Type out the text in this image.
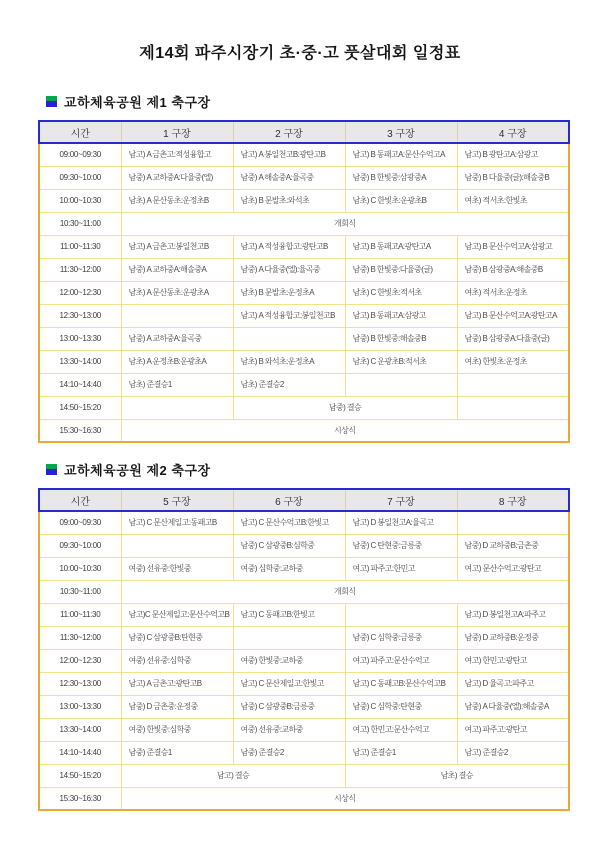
제14회 파주시장기 초·중·고 풋살대회 일정표
교하체육공원 제1 축구장
시간	1 구장	2 구장	3 구장	4 구장
09:00~09:30	남고) A 금촌고:적성융합고	남고) A 봉일천고B:광탄고B	남고) B 동패고A:문산수억고A	남고) B 광탄고A:삼광고
09:30~10:00	남중) A 교하중A:다율중(엘)	남중) A 해솔중A:율곡중	남중) B 한빛중:삼광중A	남중) B 다율중(글):해솔중B
10:00~10:30	남초) A 문산동초:운정초B	남초) B 문발초:와석초	남초) C 한빛초:운광초B	여초) 적서초:한빛초
10:30~11:00	개회식			
11:00~11:30	남고) A 금촌고:봉일천고B	남고) A 적성융합고:광탄고B	남고) B 동패고A:광탄고A	남고) B 문산수억고A:삼광고
11:30~12:00	남중) A 교하중A:해솔중A	남중) A 다율중(엘):율곡중	남중) B 한빛중:다율중(글)	남중) B 삼광중A:해솔중B
12:00~12:30	남초) A 문산동초:운광초A	남초) B 문발초:운정초A	남초) C 한빛초:적서초	여초) 적서초:운정초
12:30~13:00		남고) A 적성융합고:봉일천고B	남고) B 동패고A:삼광고	남고) B 문산수억고A:광탄고A
13:00~13:30	남중) A 교하중A:율곡중		남중) B 한빛중:해솔중B	남중) B 삼광중A:다율중(글)
13:30~14:00	남초) A 운정초B:운광초A	남초) B 와석초:운정초A	남초) C 운광초B:적서초	여초) 한빛초:운정초
14:10~14:40	남초) 준결승1	남초) 준결승2		
14:50~15:20		남중) 결승		
15:30~16:30	시상식			
교하체육공원 제2 축구장
시간	5 구장	6 구장	7 구장	8 구장
09:00~09:30	남고) C 문산제일고:동패고B	남고) C 문산수억고B:한빛고	남고) D 봉일천고A:율곡고	
09:30~10:00		남중) C 삼광중B:심학중	남중) C 탄현중:금릉중	남중) D 교하중B:금촌중
10:00~10:30	여중) 선유중:한빛중	여중) 심학중:교하중	여고) 파주고:한민고	여고) 문산수억고:광탄고
10:30~11:00	개회식			
11:00~11:30	남고)C 문산제일고:문산수억고B	남고) C 동패고B:한빛고		남고) D 봉일천고A:파주고
11:30~12:00	남중) C 삼광중B:탄현중		남중) C 심학중:금릉중	남중) D 교하중B:운정중
12:00~12:30	여중) 선유중:심학중	여중) 한빛중:교하중	여고) 파주고:문산수억고	여고) 한민고:광탄고
12:30~13:00	남고) A 금촌고:광탄고B	남고) C 문산제일고:한빛고	남고) C 동패고B:문산수억고B	남고) D 율곡고:파주고
13:00~13:30	남중) D 금촌중:운정중	남중) C 삼광중B:금릉중	남중) C 심학중:탄현중	남중) A 다율중(엘):해솔중A
13:30~14:00	여중) 한빛중:심학중	여중) 선유중:교하중	여고) 한민고:문산수억고	여고) 파주고:광탄고
14:10~14:40	남중) 준결승1	남중) 준결승2	남고) 준결승1	남고) 준결승2
14:50~15:20	남고) 결승		남초) 결승	
15:30~16:30	시상식			
